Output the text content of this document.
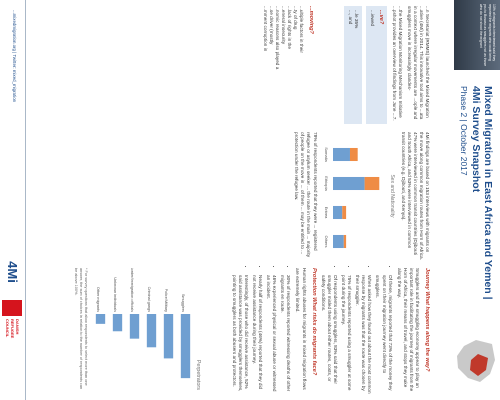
13% of migrants interviewed said they reported the migrants who could bring you to Bosaso as smugglers not as those who do not shoot the migrant
Mixed Migration in East Africa and Yemen | 4Mi Survey Snapshot
Phase 2 | October 2017

...n Secretariat (RMMS) launched the Mixed Migration ...ative (4Mi) in 2014. This innovative tool aims to ...ata in a context where irregular movements are ...ople and smugglers move in increasingly clandes-

...the Mixed Migration Monitoring Mechanism Initiative ...pshot provides an overview of findings from June ...7.

...ve?
...iewed
...le 35%
..., and
...moving?
...ultiple factors in their
...ty of drug
...lack of rights in the
...eneral insecurity
...nomic reasons also played a
...se driver (mostly
...mment corruption in

4Mi findings are based on 153 interviews with migrants on the move along common migration routes from Horn of Africa. 47% were interviewed in common transit countries (Djibouti and South Africa, and 53% were interviewed in common transit countries (e.g. Djibouti, and Kenya).

Sex and Nationality
Somalia
Ethiopia
Eritrea
Others

78% of respondents reported that they were ... registered refugee or asylum seeker ... the route in the main ... majority of people on the move in ... of them ... may be entitled to ... protection under the refugee law.

Journey What happens along the way?

Smugglers and the smuggling economy appear to play an important role in facilitating the journey of migrants from the Horn of Africa, their means of travel, and stops they make along the way.

• Of these, migrants reported that 73% of the money they spent on their migration journey went directly to smugglers.
• When asked how they found out about the most common response by migrants was that the route was chosen by their smuggler.
• 75% of respondents reported using a smuggler at some point during the journey.
• Of respondents using smugglers, 83% said that their smuggler misled them about either routes, costs, or safety conditions.
Protection What risks do migrants face?

Human rights abuses for migrants in mixed migration flows are extremely limited.

• 30% of respondents reported witnessing deaths of other migrants en route.
• 46% experienced physical or sexual abuse or witnessed an incident.
• Nearly half of respondents (46%) reported that they did not receive assistance during their journey.
• Interestingly, of those who did receive assistance, 52% said assistance was provided by smugglers themselves, pointing to smugglers as both abusers and protectors.
Perpetrators
Smugglers
Police/Military
Criminal gangs
Border/Immigration officials
Unknown individuals
Other migrants
* For survey questions that allow respondents to select more than one answer, the sum of choices in relation to the number of respondents can be above 100%.
...mixedmigration.org | Twitter: mixed_migration
4Mi
DANISH
REFUGEE
COUNCIL
